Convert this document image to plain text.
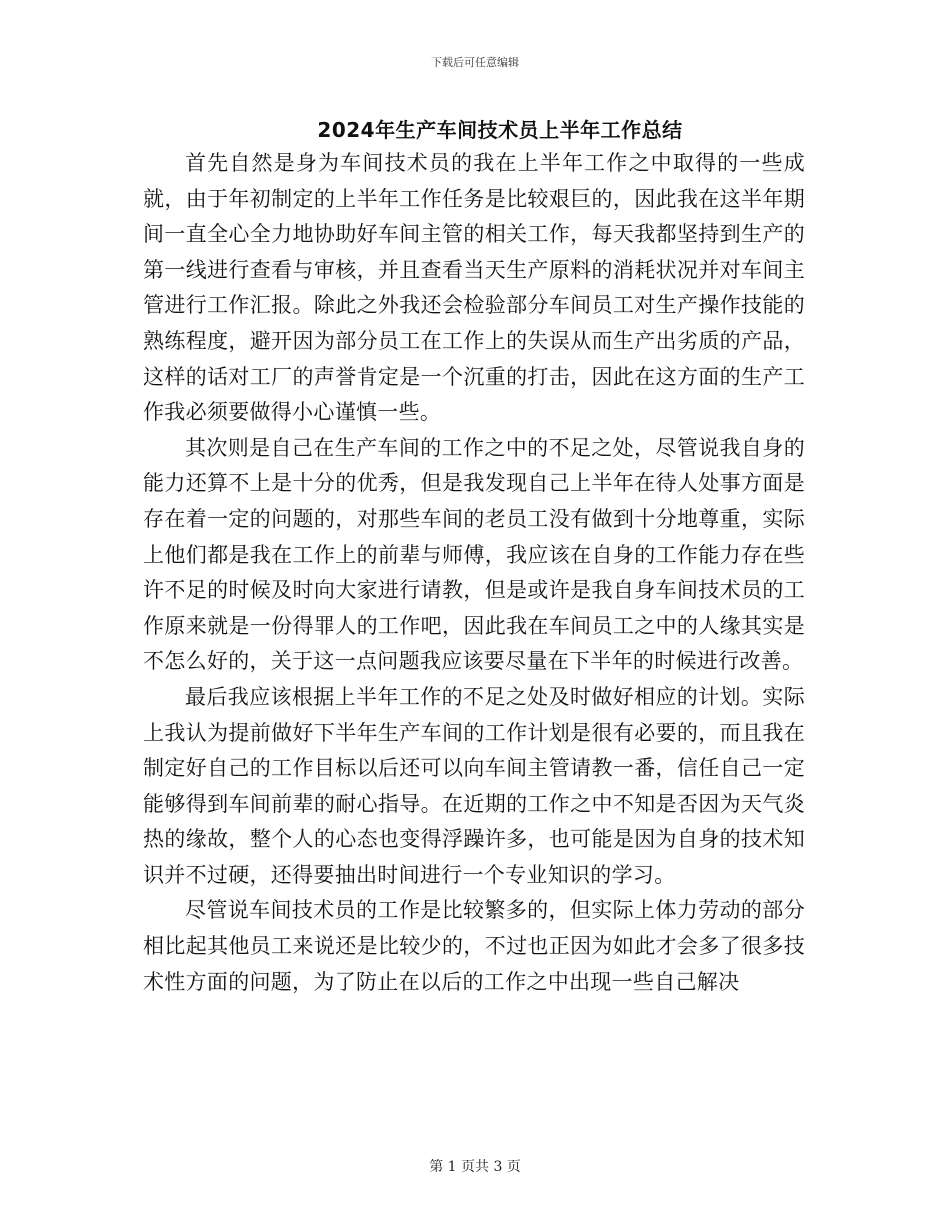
下载后可任意编辑
2024年生产车间技术员上半年工作总结

首先自然是身为车间技术员的我在上半年工作之中取得的一些成就，由于年初制定的上半年工作任务是比较艰巨的，因此我在这半年期间一直全心全力地协助好车间主管的相关工作，每天我都坚持到生产的第一线进行查看与审核，并且查看当天生产原料的消耗状况并对车间主管进行工作汇报。除此之外我还会检验部分车间员工对生产操作技能的熟练程度，避开因为部分员工在工作上的失误从而生产出劣质的产品，这样的话对工厂的声誉肯定是一个沉重的打击，因此在这方面的生产工作我必须要做得小心谨慎一些。

其次则是自己在生产车间的工作之中的不足之处，尽管说我自身的能力还算不上是十分的优秀，但是我发现自己上半年在待人处事方面是存在着一定的问题的，对那些车间的老员工没有做到十分地尊重，实际上他们都是我在工作上的前辈与师傅，我应该在自身的工作能力存在些许不足的时候及时向大家进行请教，但是或许是我自身车间技术员的工作原来就是一份得罪人的工作吧，因此我在车间员工之中的人缘其实是不怎么好的，关于这一点问题我应该要尽量在下半年的时候进行改善。

最后我应该根据上半年工作的不足之处及时做好相应的计划。实际上我认为提前做好下半年生产车间的工作计划是很有必要的，而且我在制定好自己的工作目标以后还可以向车间主管请教一番，信任自己一定能够得到车间前辈的耐心指导。在近期的工作之中不知是否因为天气炎热的缘故，整个人的心态也变得浮躁许多，也可能是因为自身的技术知识并不过硬，还得要抽出时间进行一个专业知识的学习。

尽管说车间技术员的工作是比较繁多的，但实际上体力劳动的部分相比起其他员工来说还是比较少的，不过也正因为如此才会多了很多技术性方面的问题，为了防止在以后的工作之中出现一些自己解决

第 1 页共 3 页
